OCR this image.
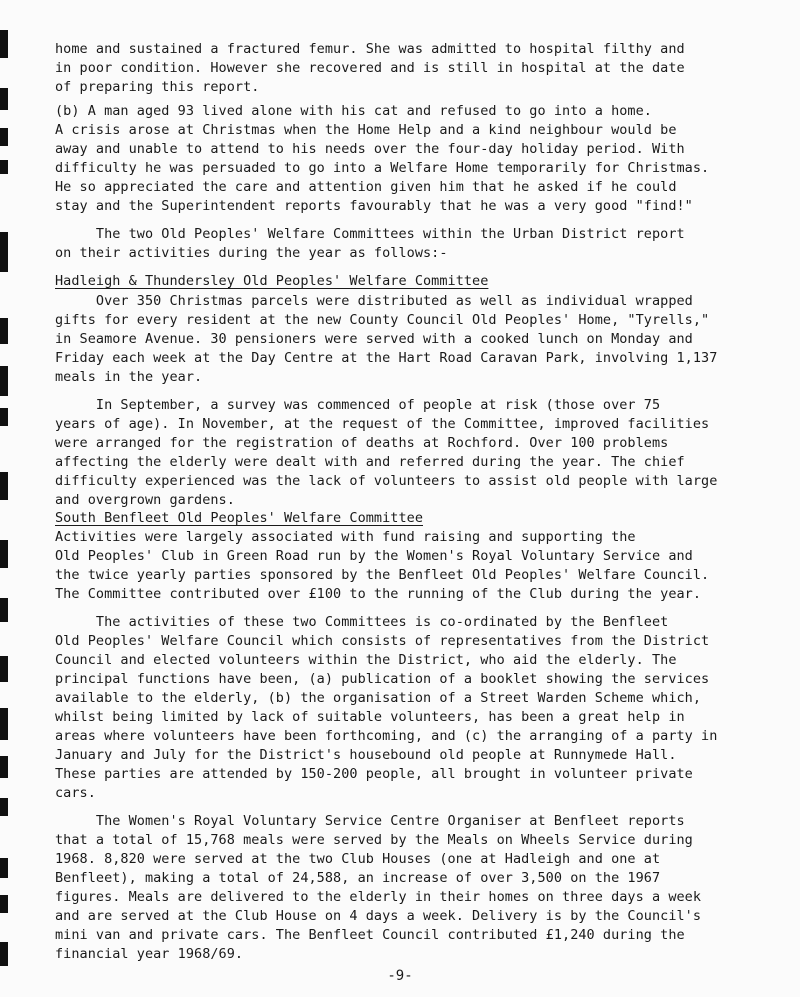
home and sustained a fractured femur. She was admitted to hospital filthy and
in poor condition. However she recovered and is still in hospital at the date
of preparing this report.
(b) A man aged 93 lived alone with his cat and refused to go into a home.
A crisis arose at Christmas when the Home Help and a kind neighbour would be
away and unable to attend to his needs over the four-day holiday period. With
difficulty he was persuaded to go into a Welfare Home temporarily for Christmas.
He so appreciated the care and attention given him that he asked if he could
stay and the Superintendent reports favourably that he was a very good "find!"
The two Old Peoples' Welfare Committees within the Urban District report
on their activities during the year as follows:-
Hadleigh & Thundersley Old Peoples' Welfare Committee
Over 350 Christmas parcels were distributed as well as individual wrapped
gifts for every resident at the new County Council Old Peoples' Home, "Tyrells,"
in Seamore Avenue. 30 pensioners were served with a cooked lunch on Monday and
Friday each week at the Day Centre at the Hart Road Caravan Park, involving 1,137
meals in the year.
In September, a survey was commenced of people at risk (those over 75
years of age). In November, at the request of the Committee, improved facilities
were arranged for the registration of deaths at Rochford. Over 100 problems
affecting the elderly were dealt with and referred during the year. The chief
difficulty experienced was the lack of volunteers to assist old people with large
and overgrown gardens.
South Benfleet Old Peoples' Welfare Committee
Activities were largely associated with fund raising and supporting the
Old Peoples' Club in Green Road run by the Women's Royal Voluntary Service and
the twice yearly parties sponsored by the Benfleet Old Peoples' Welfare Council.
The Committee contributed over £100 to the running of the Club during the year.
The activities of these two Committees is co-ordinated by the Benfleet
Old Peoples' Welfare Council which consists of representatives from the District
Council and elected volunteers within the District, who aid the elderly. The
principal functions have been, (a) publication of a booklet showing the services
available to the elderly, (b) the organisation of a Street Warden Scheme which,
whilst being limited by lack of suitable volunteers, has been a great help in
areas where volunteers have been forthcoming, and (c) the arranging of a party in
January and July for the District's housebound old people at Runnymede Hall.
These parties are attended by 150-200 people, all brought in volunteer private
cars.
The Women's Royal Voluntary Service Centre Organiser at Benfleet reports
that a total of 15,768 meals were served by the Meals on Wheels Service during
1968. 8,820 were served at the two Club Houses (one at Hadleigh and one at
Benfleet), making a total of 24,588, an increase of over 3,500 on the 1967
figures. Meals are delivered to the elderly in their homes on three days a week
and are served at the Club House on 4 days a week. Delivery is by the Council's
mini van and private cars. The Benfleet Council contributed £1,240 during the
financial year 1968/69.
-9-
